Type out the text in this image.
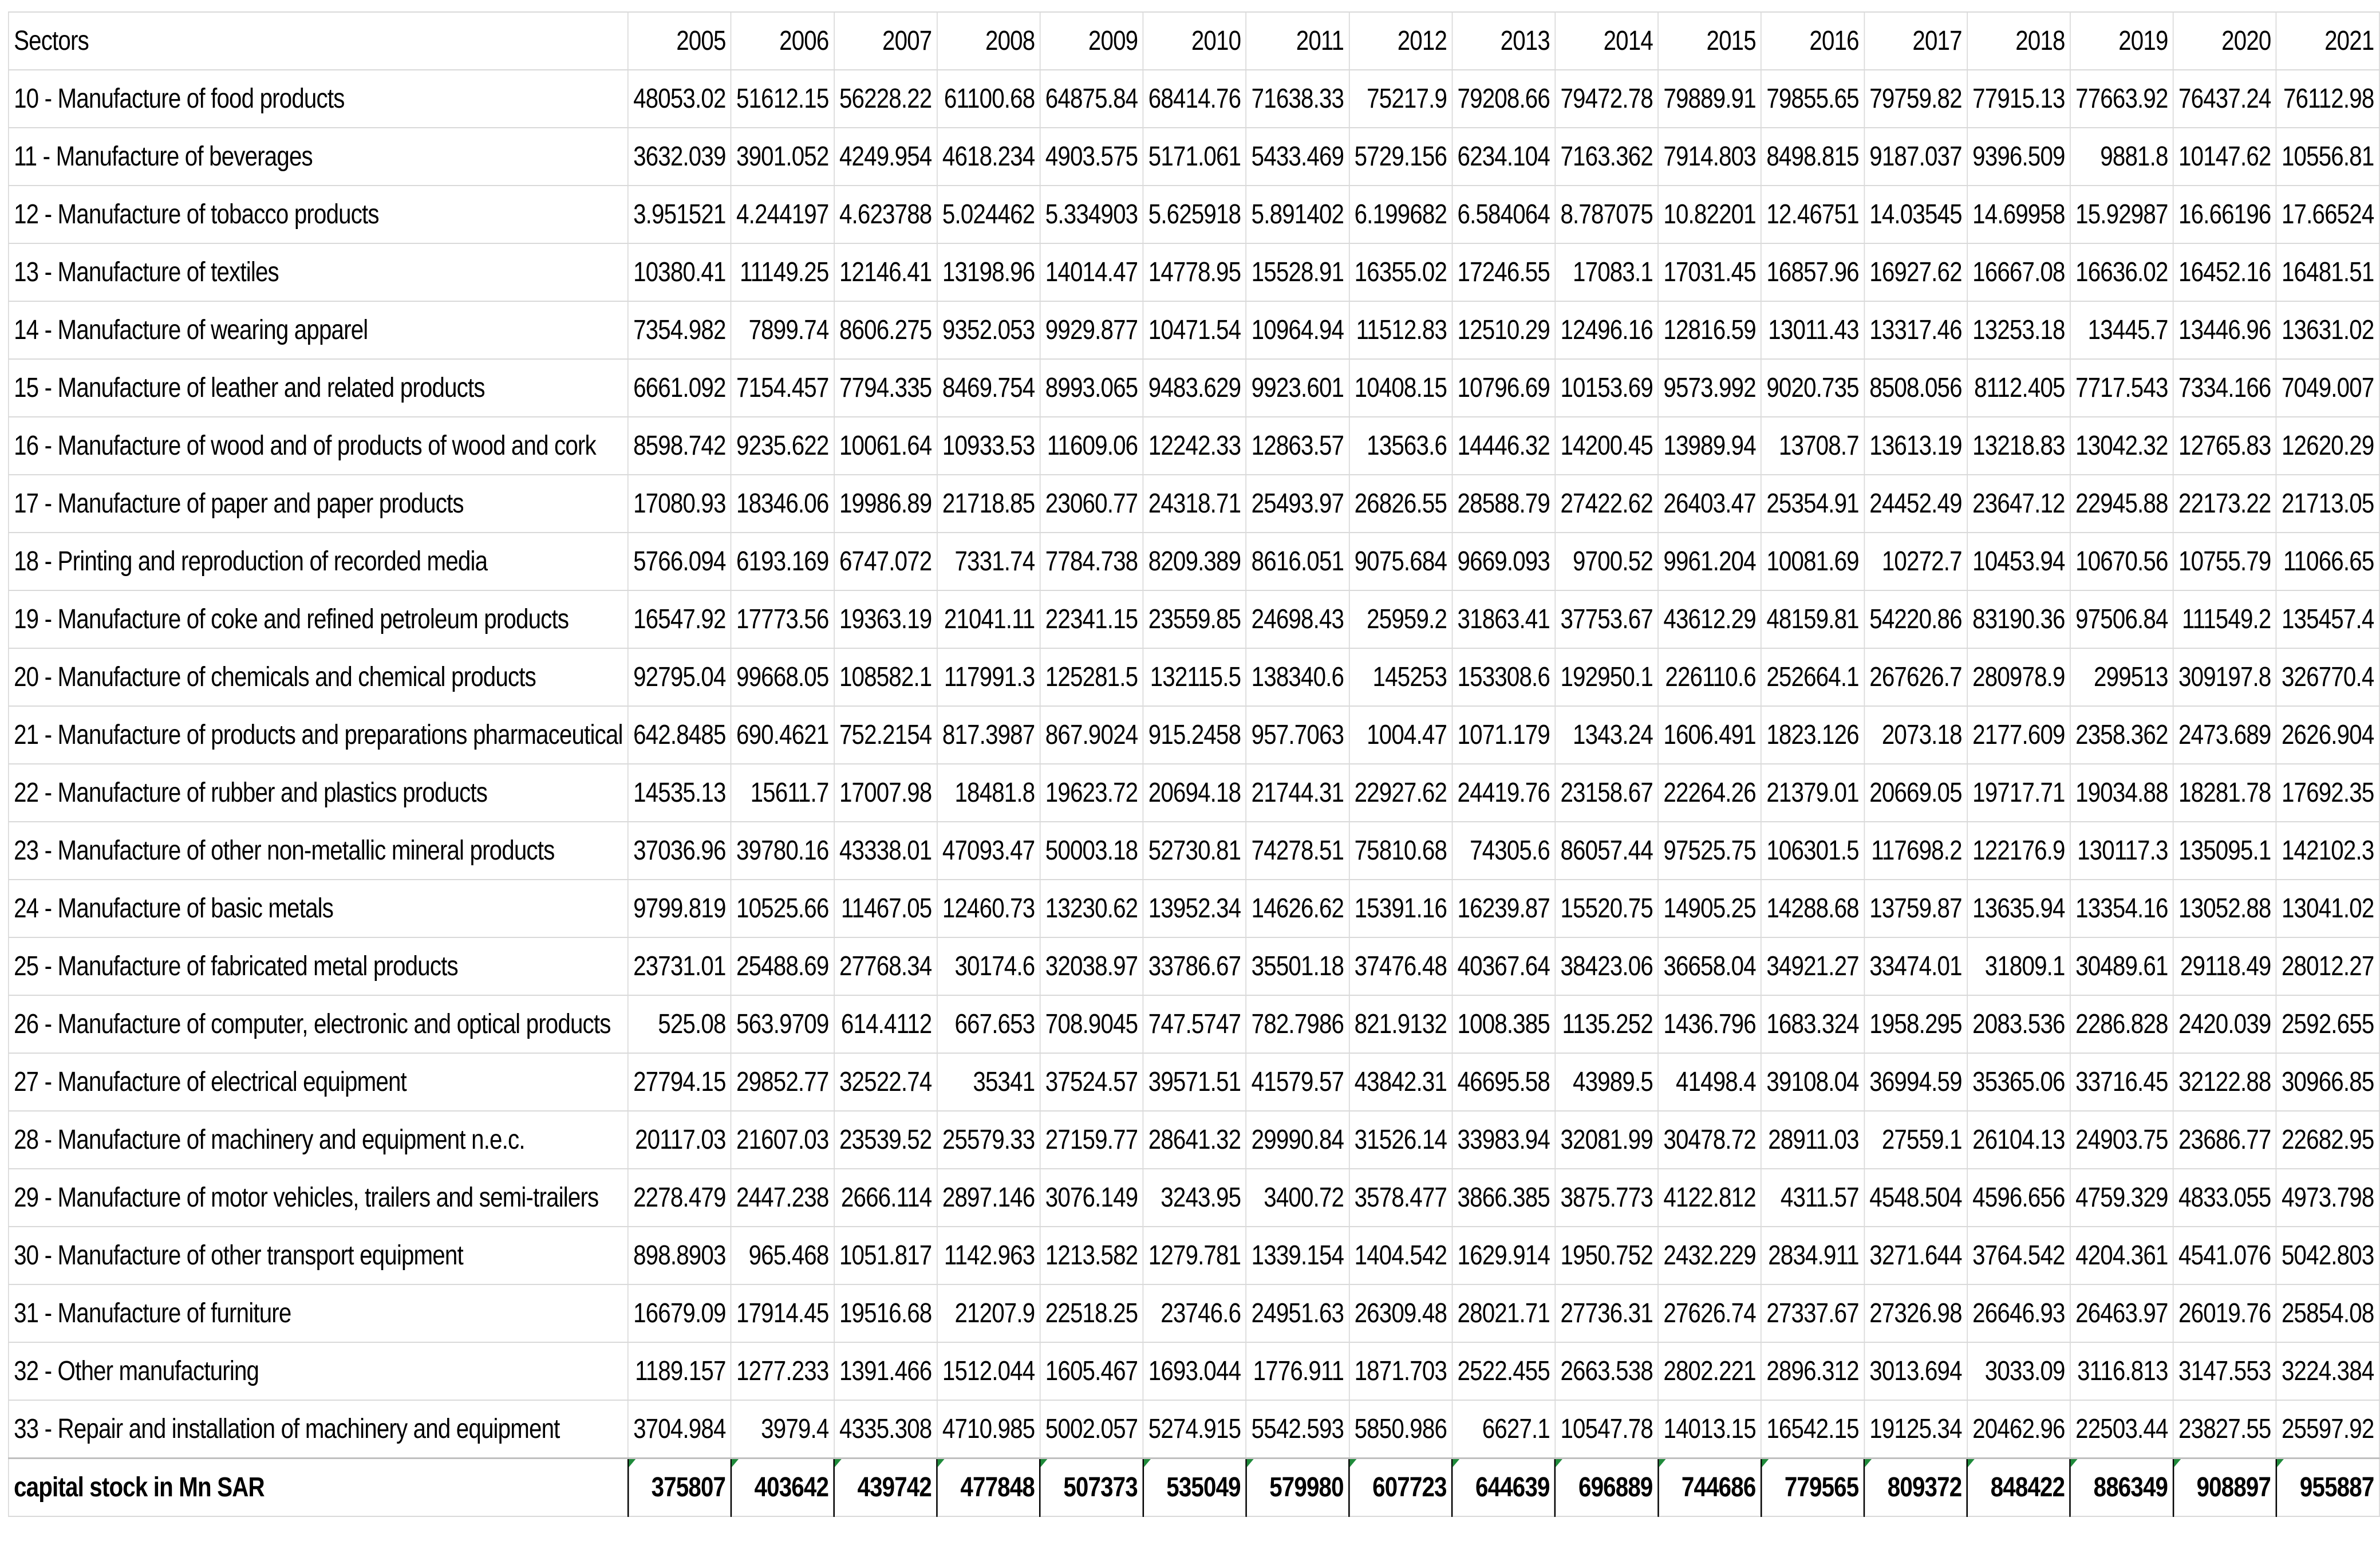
Sectors	2005	2006	2007	2008	2009	2010	2011	2012	2013	2014	2015	2016	2017	2018	2019	2020	2021
10 - Manufacture of food products	48053.02	51612.15	56228.22	61100.68	64875.84	68414.76	71638.33	75217.9	79208.66	79472.78	79889.91	79855.65	79759.82	77915.13	77663.92	76437.24	76112.98
11 - Manufacture of beverages	3632.039	3901.052	4249.954	4618.234	4903.575	5171.061	5433.469	5729.156	6234.104	7163.362	7914.803	8498.815	9187.037	9396.509	9881.8	10147.62	10556.81
12 - Manufacture of tobacco products	3.951521	4.244197	4.623788	5.024462	5.334903	5.625918	5.891402	6.199682	6.584064	8.787075	10.82201	12.46751	14.03545	14.69958	15.92987	16.66196	17.66524
13 - Manufacture of textiles	10380.41	11149.25	12146.41	13198.96	14014.47	14778.95	15528.91	16355.02	17246.55	17083.1	17031.45	16857.96	16927.62	16667.08	16636.02	16452.16	16481.51
14 - Manufacture of wearing apparel	7354.982	7899.74	8606.275	9352.053	9929.877	10471.54	10964.94	11512.83	12510.29	12496.16	12816.59	13011.43	13317.46	13253.18	13445.7	13446.96	13631.02
15 - Manufacture of leather and related products	6661.092	7154.457	7794.335	8469.754	8993.065	9483.629	9923.601	10408.15	10796.69	10153.69	9573.992	9020.735	8508.056	8112.405	7717.543	7334.166	7049.007
16 - Manufacture of wood and of products of wood and cork	8598.742	9235.622	10061.64	10933.53	11609.06	12242.33	12863.57	13563.6	14446.32	14200.45	13989.94	13708.7	13613.19	13218.83	13042.32	12765.83	12620.29
17 - Manufacture of paper and paper products	17080.93	18346.06	19986.89	21718.85	23060.77	24318.71	25493.97	26826.55	28588.79	27422.62	26403.47	25354.91	24452.49	23647.12	22945.88	22173.22	21713.05
18 - Printing and reproduction of recorded media	5766.094	6193.169	6747.072	7331.74	7784.738	8209.389	8616.051	9075.684	9669.093	9700.52	9961.204	10081.69	10272.7	10453.94	10670.56	10755.79	11066.65
19 - Manufacture of coke and refined petroleum products	16547.92	17773.56	19363.19	21041.11	22341.15	23559.85	24698.43	25959.2	31863.41	37753.67	43612.29	48159.81	54220.86	83190.36	97506.84	111549.2	135457.4
20 - Manufacture of chemicals and chemical products	92795.04	99668.05	108582.1	117991.3	125281.5	132115.5	138340.6	145253	153308.6	192950.1	226110.6	252664.1	267626.7	280978.9	299513	309197.8	326770.4
21 - Manufacture of products and preparations pharmaceutical	642.8485	690.4621	752.2154	817.3987	867.9024	915.2458	957.7063	1004.47	1071.179	1343.24	1606.491	1823.126	2073.18	2177.609	2358.362	2473.689	2626.904
22 - Manufacture of rubber and plastics products	14535.13	15611.7	17007.98	18481.8	19623.72	20694.18	21744.31	22927.62	24419.76	23158.67	22264.26	21379.01	20669.05	19717.71	19034.88	18281.78	17692.35
23 - Manufacture of other non-metallic mineral products	37036.96	39780.16	43338.01	47093.47	50003.18	52730.81	74278.51	75810.68	74305.6	86057.44	97525.75	106301.5	117698.2	122176.9	130117.3	135095.1	142102.3
24 - Manufacture of basic metals	9799.819	10525.66	11467.05	12460.73	13230.62	13952.34	14626.62	15391.16	16239.87	15520.75	14905.25	14288.68	13759.87	13635.94	13354.16	13052.88	13041.02
25 - Manufacture of fabricated metal products	23731.01	25488.69	27768.34	30174.6	32038.97	33786.67	35501.18	37476.48	40367.64	38423.06	36658.04	34921.27	33474.01	31809.1	30489.61	29118.49	28012.27
26 - Manufacture of computer, electronic and optical products	525.08	563.9709	614.4112	667.653	708.9045	747.5747	782.7986	821.9132	1008.385	1135.252	1436.796	1683.324	1958.295	2083.536	2286.828	2420.039	2592.655
27 - Manufacture of electrical equipment	27794.15	29852.77	32522.74	35341	37524.57	39571.51	41579.57	43842.31	46695.58	43989.5	41498.4	39108.04	36994.59	35365.06	33716.45	32122.88	30966.85
28 - Manufacture of machinery and equipment n.e.c.	20117.03	21607.03	23539.52	25579.33	27159.77	28641.32	29990.84	31526.14	33983.94	32081.99	30478.72	28911.03	27559.1	26104.13	24903.75	23686.77	22682.95
29 - Manufacture of motor vehicles, trailers and semi-trailers	2278.479	2447.238	2666.114	2897.146	3076.149	3243.95	3400.72	3578.477	3866.385	3875.773	4122.812	4311.57	4548.504	4596.656	4759.329	4833.055	4973.798
30 - Manufacture of other transport equipment	898.8903	965.468	1051.817	1142.963	1213.582	1279.781	1339.154	1404.542	1629.914	1950.752	2432.229	2834.911	3271.644	3764.542	4204.361	4541.076	5042.803
31 - Manufacture of furniture	16679.09	17914.45	19516.68	21207.9	22518.25	23746.6	24951.63	26309.48	28021.71	27736.31	27626.74	27337.67	27326.98	26646.93	26463.97	26019.76	25854.08
32 - Other manufacturing	1189.157	1277.233	1391.466	1512.044	1605.467	1693.044	1776.911	1871.703	2522.455	2663.538	2802.221	2896.312	3013.694	3033.09	3116.813	3147.553	3224.384
33 - Repair and installation of machinery and equipment	3704.984	3979.4	4335.308	4710.985	5002.057	5274.915	5542.593	5850.986	6627.1	10547.78	14013.15	16542.15	19125.34	20462.96	22503.44	23827.55	25597.92
capital stock in Mn SAR	375807	403642	439742	477848	507373	535049	579980	607723	644639	696889	744686	779565	809372	848422	886349	908897	955887
